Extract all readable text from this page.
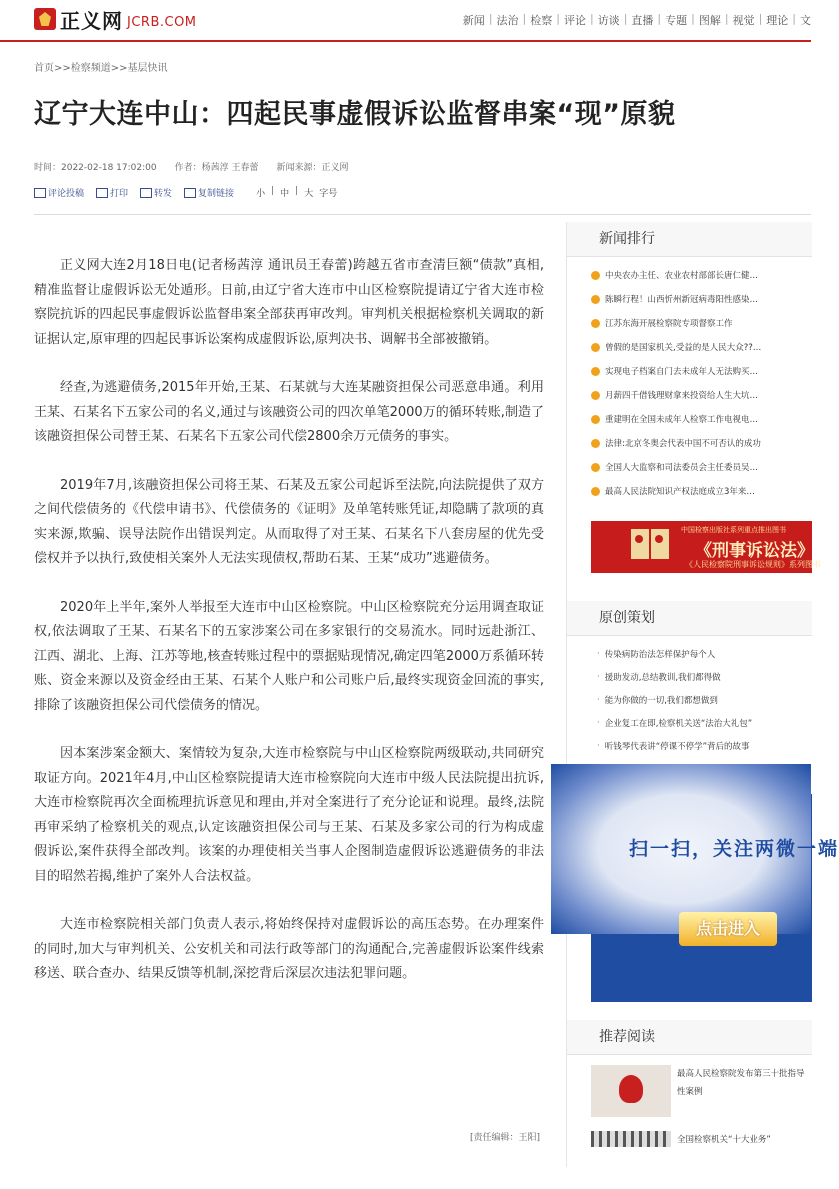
正义网 JCRB.COM	新闻 | 法治 | 检察 | 评论 | 访谈 | 直播 | 专题 | 图解 | 视觉 | 理论 | 文
首页>>检察频道>>基层快讯
辽宁大连中山：四起民事虚假诉讼监督串案“现”原貌
时间：2022-02-18 17:02:00 作者：杨茜淳 王春蕾 新闻来源：正义网
评论投稿	打印	转发	复制链接 小 | 中 | 大 字号

正义网大连2月18日电(记者杨茜淳 通讯员王春蕾)跨越五省市查清巨额“债款”真相,精准监督让虚假诉讼无处遁形。日前,由辽宁省大连市中山区检察院提请辽宁省大连市检察院抗诉的四起民事虚假诉讼监督串案全部获再审改判。审判机关根据检察机关调取的新证据认定,原审理的四起民事诉讼案构成虚假诉讼,原判决书、调解书全部被撤销。

经查,为逃避债务,2015年开始,王某、石某就与大连某融资担保公司恶意串通。利用王某、石某名下五家公司的名义,通过与该融资公司的四次单笔2000万的循环转账,制造了该融资担保公司替王某、石某名下五家公司代偿2800余万元债务的事实。

2019年7月,该融资担保公司将王某、石某及五家公司起诉至法院,向法院提供了双方之间代偿债务的《代偿申请书》、代偿债务的《证明》及单笔转账凭证,却隐瞒了款项的真实来源,欺骗、误导法院作出错误判定。从而取得了对王某、石某名下八套房屋的优先受偿权并予以执行,致使相关案外人无法实现债权,帮助石某、王某“成功”逃避债务。

2020年上半年,案外人举报至大连市中山区检察院。中山区检察院充分运用调查取证权,依法调取了王某、石某名下的五家涉案公司在多家银行的交易流水。同时远赴浙江、江西、湖北、上海、江苏等地,核查转账过程中的票据贴现情况,确定四笔2000万系循环转账、资金来源以及资金经由王某、石某个人账户和公司账户后,最终实现资金回流的事实,排除了该融资担保公司代偿债务的情况。

因本案涉案金额大、案情较为复杂,大连市检察院与中山区检察院两级联动,共同研究取证方向。2021年4月,中山区检察院提请大连市检察院向大连市中级人民法院提出抗诉,大连市检察院再次全面梳理抗诉意见和理由,并对全案进行了充分论证和说理。最终,法院再审采纳了检察机关的观点,认定该融资担保公司与王某、石某及多家公司的行为构成虚假诉讼,案件获得全部改判。该案的办理使相关当事人企图制造虚假诉讼逃避债务的非法目的昭然若揭,维护了案外人合法权益。

大连市检察院相关部门负责人表示,将始终保持对虚假诉讼的高压态势。在办理案件的同时,加大与审判机关、公安机关和司法行政等部门的沟通配合,完善虚假诉讼案件线索移送、联合查办、结果反馈等机制,深挖背后深层次违法犯罪问题。

[责任编辑：王阳]
新闻排行
中央农办主任、农业农村部部长唐仁健…
陈瞬行程！山西忻州新冠病毒阳性感染…
江苏东海开展检察院专项督察工作
曾假的是国家机关,受益的是人民大众??…
实现电子档案自门去未成年人无法购买…
月薪四千借钱理财拿来投资给人生大坑…
重建明在全国未成年人检察工作电视电…
法律:北京冬奥会代表中国不可否认的成功
全国人大监察和司法委员会主任委员吴…
最高人民法院知识产权法庭成立3年来…
中国检察出版社系列重点推出图书
《刑事诉讼法》
《人民检察院刑事诉讼规则》系列图书
原创策划
· 传染病防治法怎样保护每个人
· 援助发动,总结教训,我们都得做
· 能为你做的一切,我们都想做到
· 企业复工在即,检察机关送“法治大礼包”
· 听钱琴代表讲“停课不停学”背后的故事
·
扫一扫，关注两微一端
点击进入
推荐阅读
最高人民检察院发布第三十批指导性案例
全国检察机关“十大业务”
